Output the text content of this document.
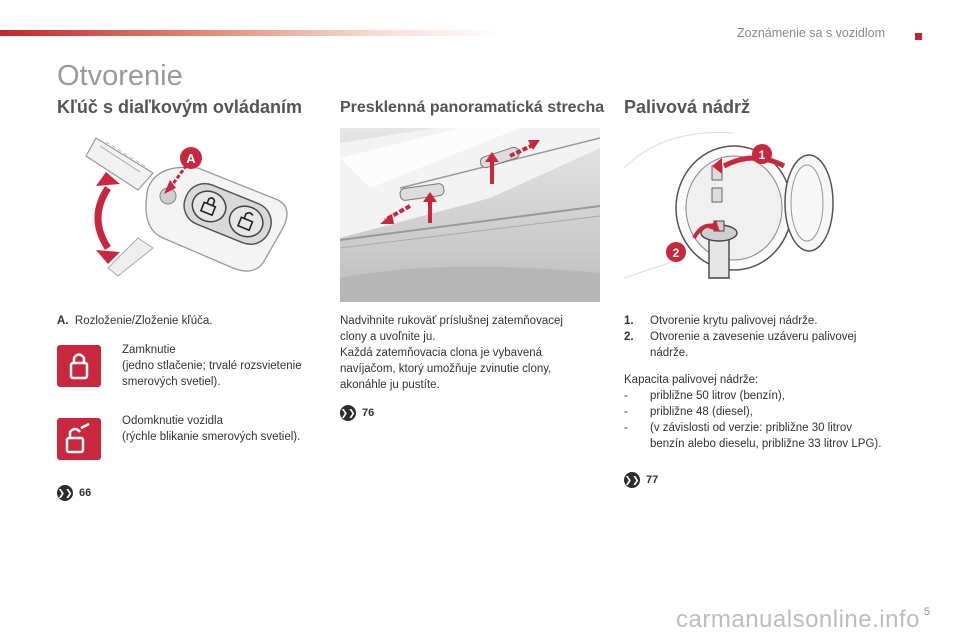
Zoznámenie sa s vozidlom
Otvorenie
Kľúč s diaľkovým ovládaním Presklenná panoramatická strecha Palivová nádrž
A	1
2
A. Rozloženie/Zloženie kľúča.
Zamknutie
(jedno stlačenie; trvalé rozsvietenie
smerových svetiel).
Odomknutie vozidla
(rýchle blikanie smerových svetiel).
❯❯ 66
Nadvihnite rukoväť príslušnej zatemňovacej
clony a uvoľnite ju.
Každá zatemňovacia clona je vybavená
navíjačom, ktorý umožňuje zvinutie clony,
akonáhle ju pustíte.
❯❯ 76
1.	Otvorenie krytu palivovej nádrže.
2.	Otvorenie a zavesenie uzáveru palivovej
nádrže.
Kapacita palivovej nádrže:
-	približne 50 litrov (benzín),
-	približne 48 (diesel),
-	(v závislosti od verzie: približne 30 litrov
benzín alebo dieselu, približne 33 litrov LPG).
❯❯ 77
5
carmanualsonline.info
